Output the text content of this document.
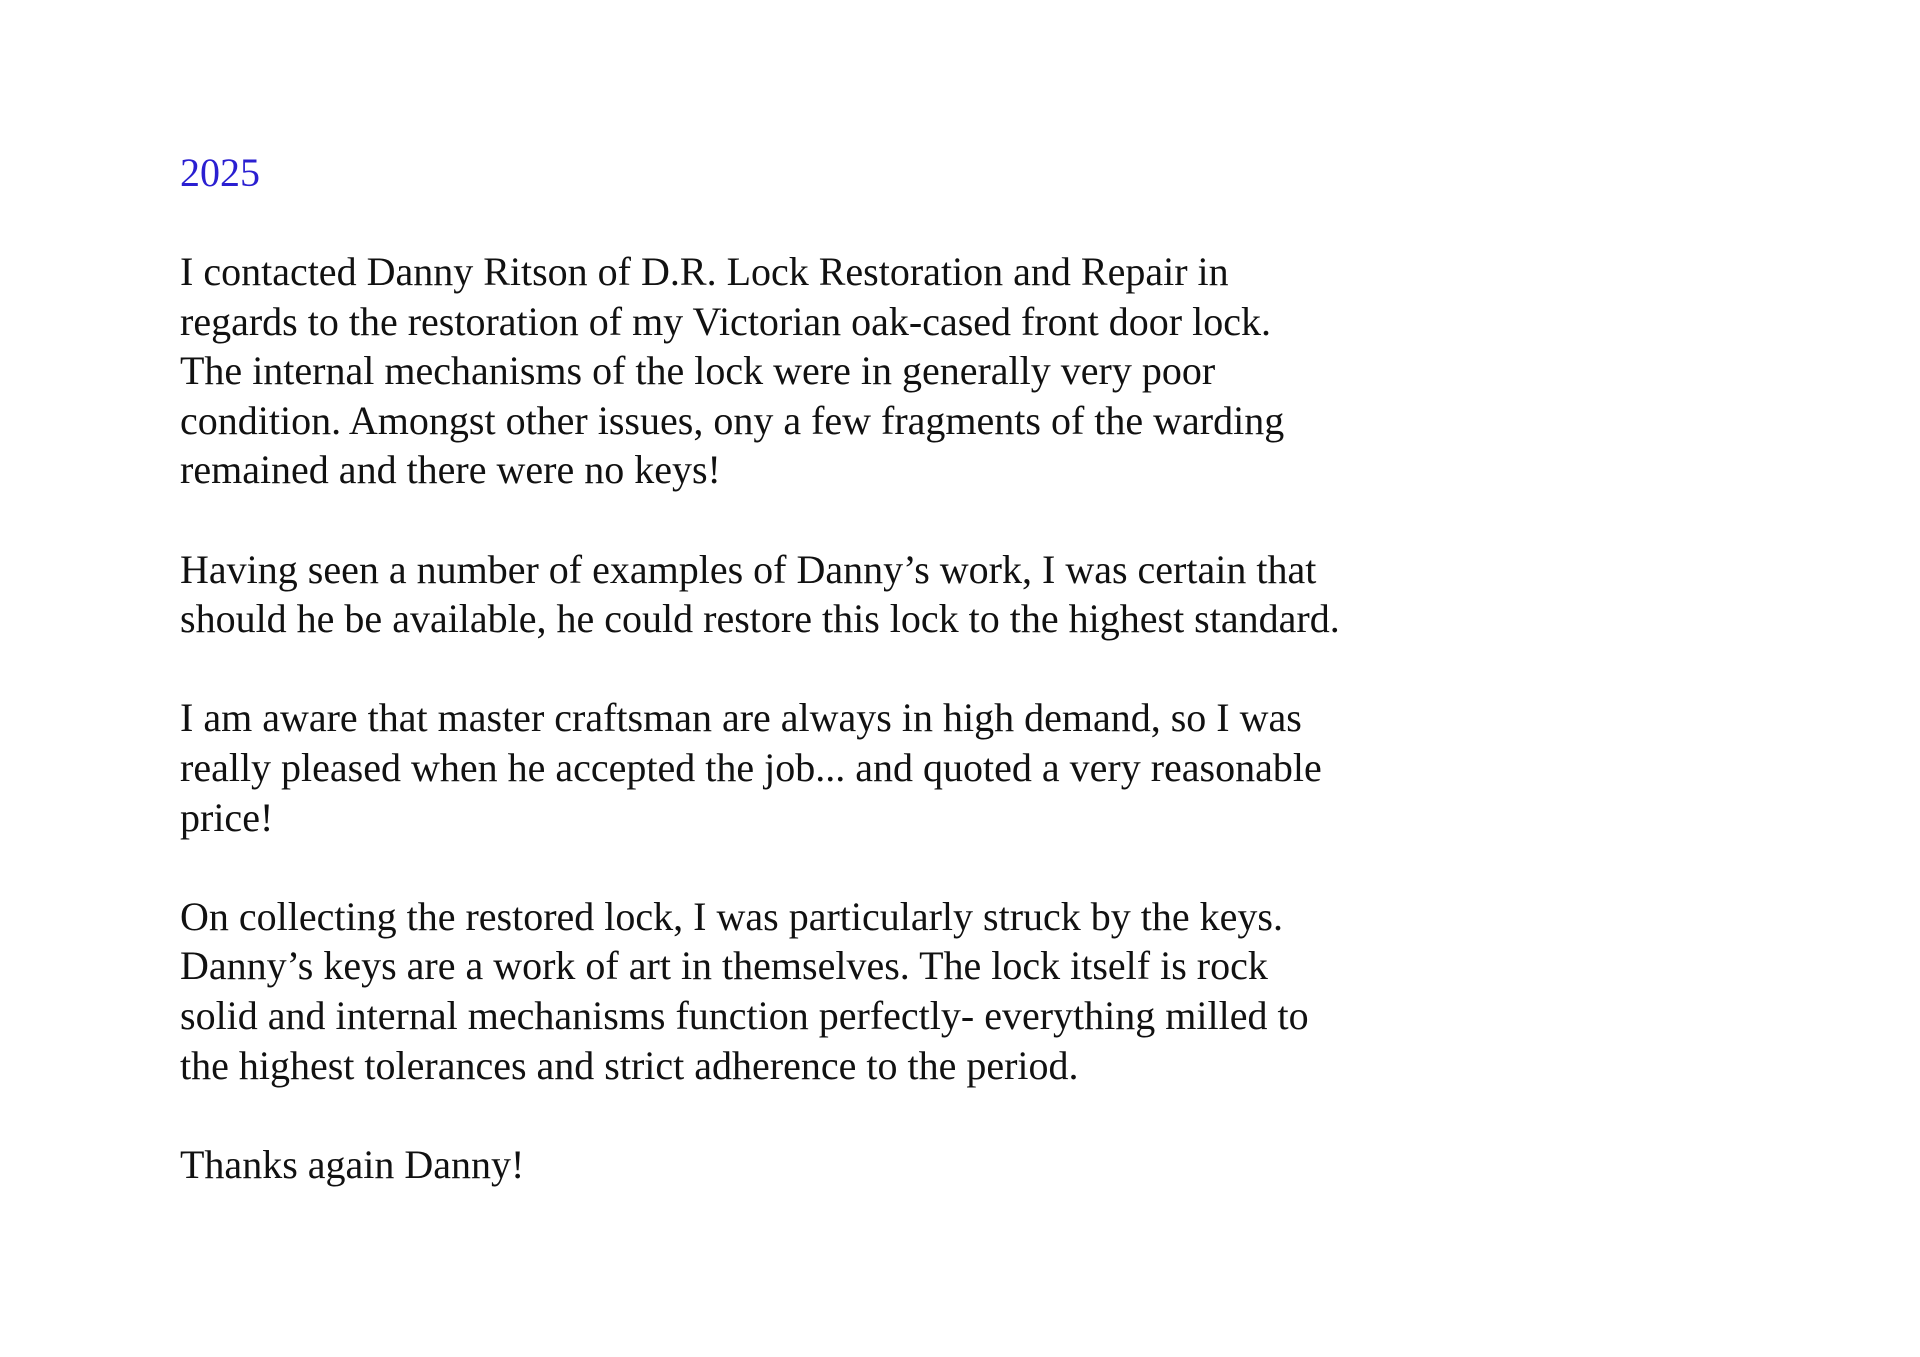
2025

I contacted Danny Ritson of D.R. Lock Restoration and Repair in
regards to the restoration of my Victorian oak-cased front door lock.
The internal mechanisms of the lock were in generally very poor
condition. Amongst other issues, ony a few fragments of the warding
remained and there were no keys!

Having seen a number of examples of Danny’s work, I was certain that
should he be available, he could restore this lock to the highest standard.

I am aware that master craftsman are always in high demand, so I was
really pleased when he accepted the job... and quoted a very reasonable
price!

On collecting the restored lock, I was particularly struck by the keys.
Danny’s keys are a work of art in themselves. The lock itself is rock
solid and internal mechanisms function perfectly- everything milled to
the highest tolerances and strict adherence to the period.

Thanks again Danny!
